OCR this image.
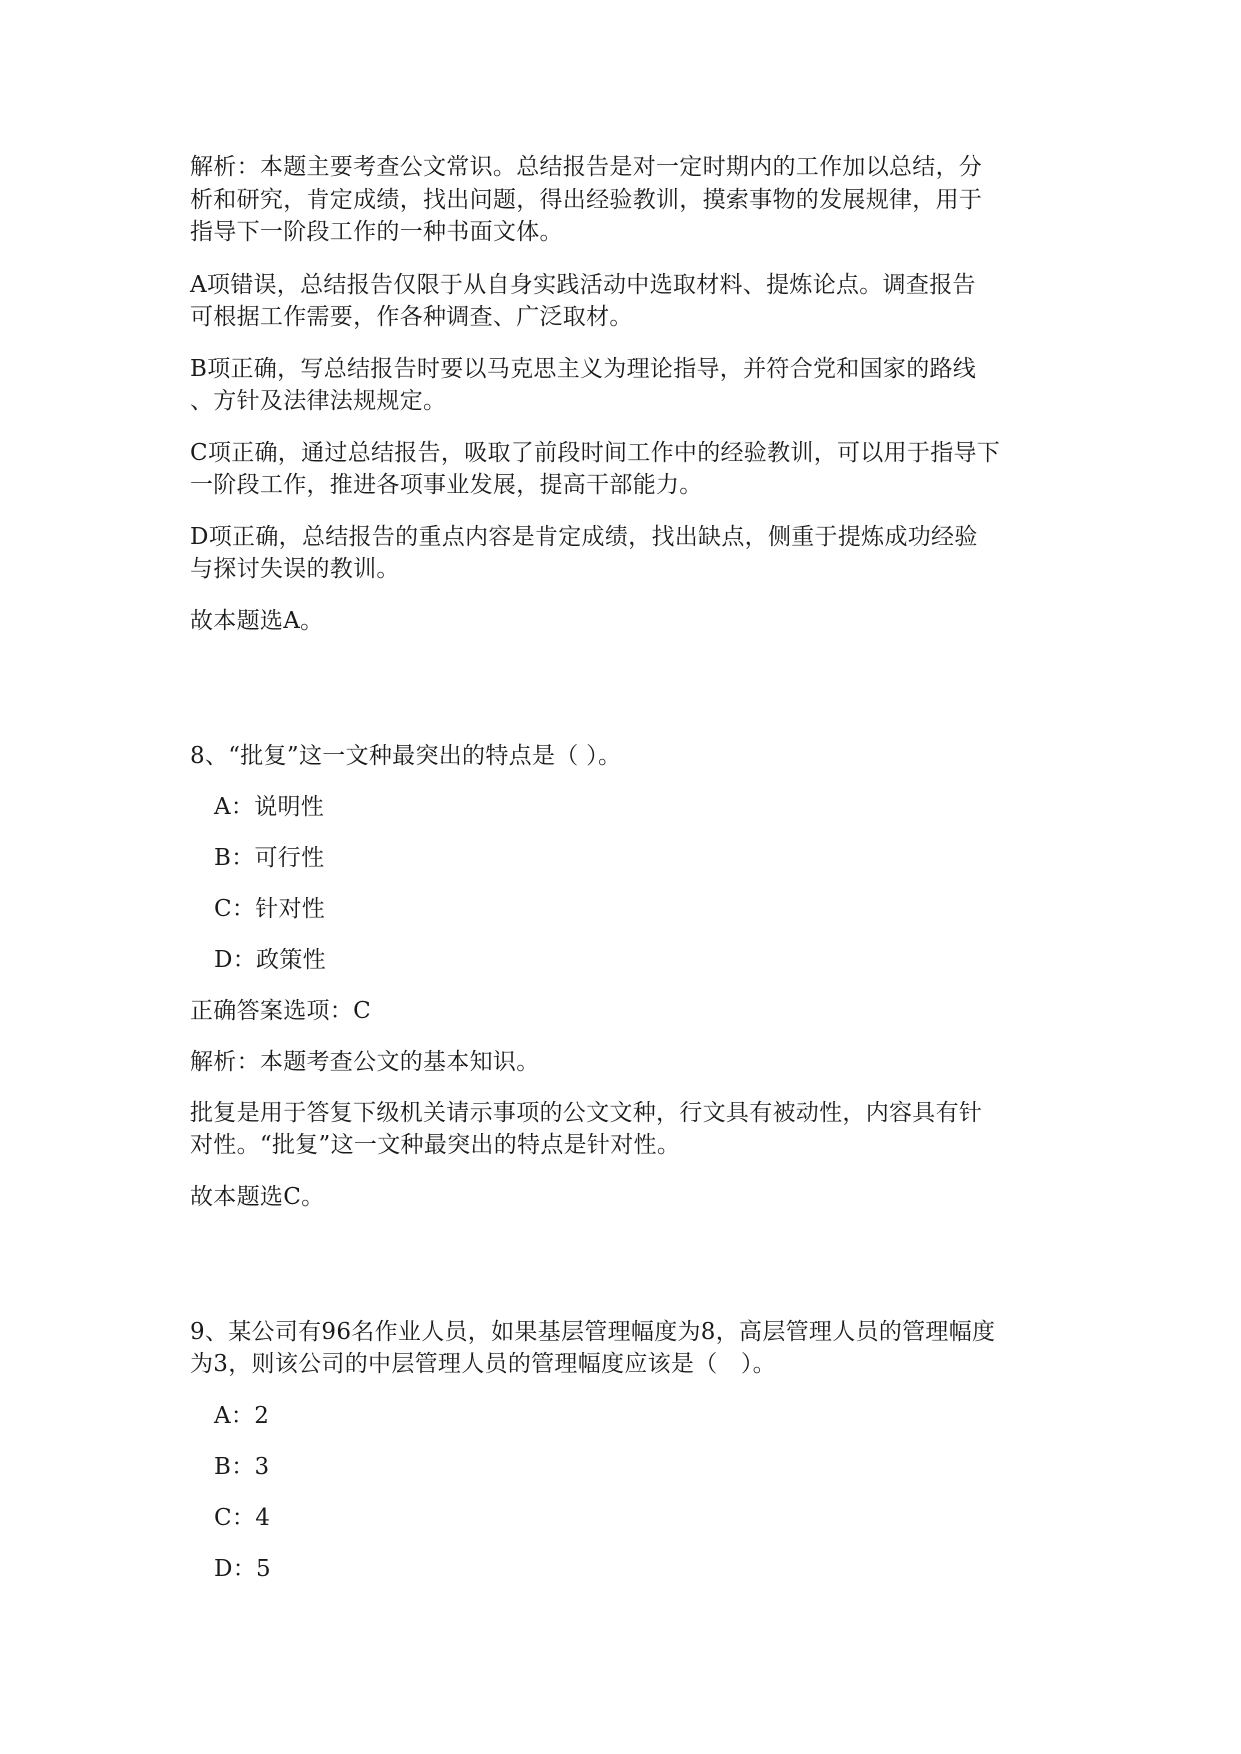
解析：本题主要考查公文常识。总结报告是对一定时期内的工作加以总结，分
析和研究，肯定成绩，找出问题，得出经验教训，摸索事物的发展规律，用于
指导下一阶段工作的一种书面文体。
A项错误，总结报告仅限于从自身实践活动中选取材料、提炼论点。调查报告
可根据工作需要，作各种调查、广泛取材。
B项正确，写总结报告时要以马克思主义为理论指导，并符合党和国家的路线
、方针及法律法规规定。
C项正确，通过总结报告，吸取了前段时间工作中的经验教训，可以用于指导下
一阶段工作，推进各项事业发展，提高干部能力。
D项正确，总结报告的重点内容是肯定成绩，找出缺点，侧重于提炼成功经验
与探讨失误的教训。
故本题选A。
8、“批复”这一文种最突出的特点是（ ）。
A：说明性
B：可行性
C：针对性
D：政策性
正确答案选项：C
解析：本题考查公文的基本知识。
批复是用于答复下级机关请示事项的公文文种，行文具有被动性，内容具有针
对性。“批复”这一文种最突出的特点是针对性。
故本题选C。
9、某公司有96名作业人员，如果基层管理幅度为8，高层管理人员的管理幅度
为3，则该公司的中层管理人员的管理幅度应该是（　）。
A：2
B：3
C：4
D：5
